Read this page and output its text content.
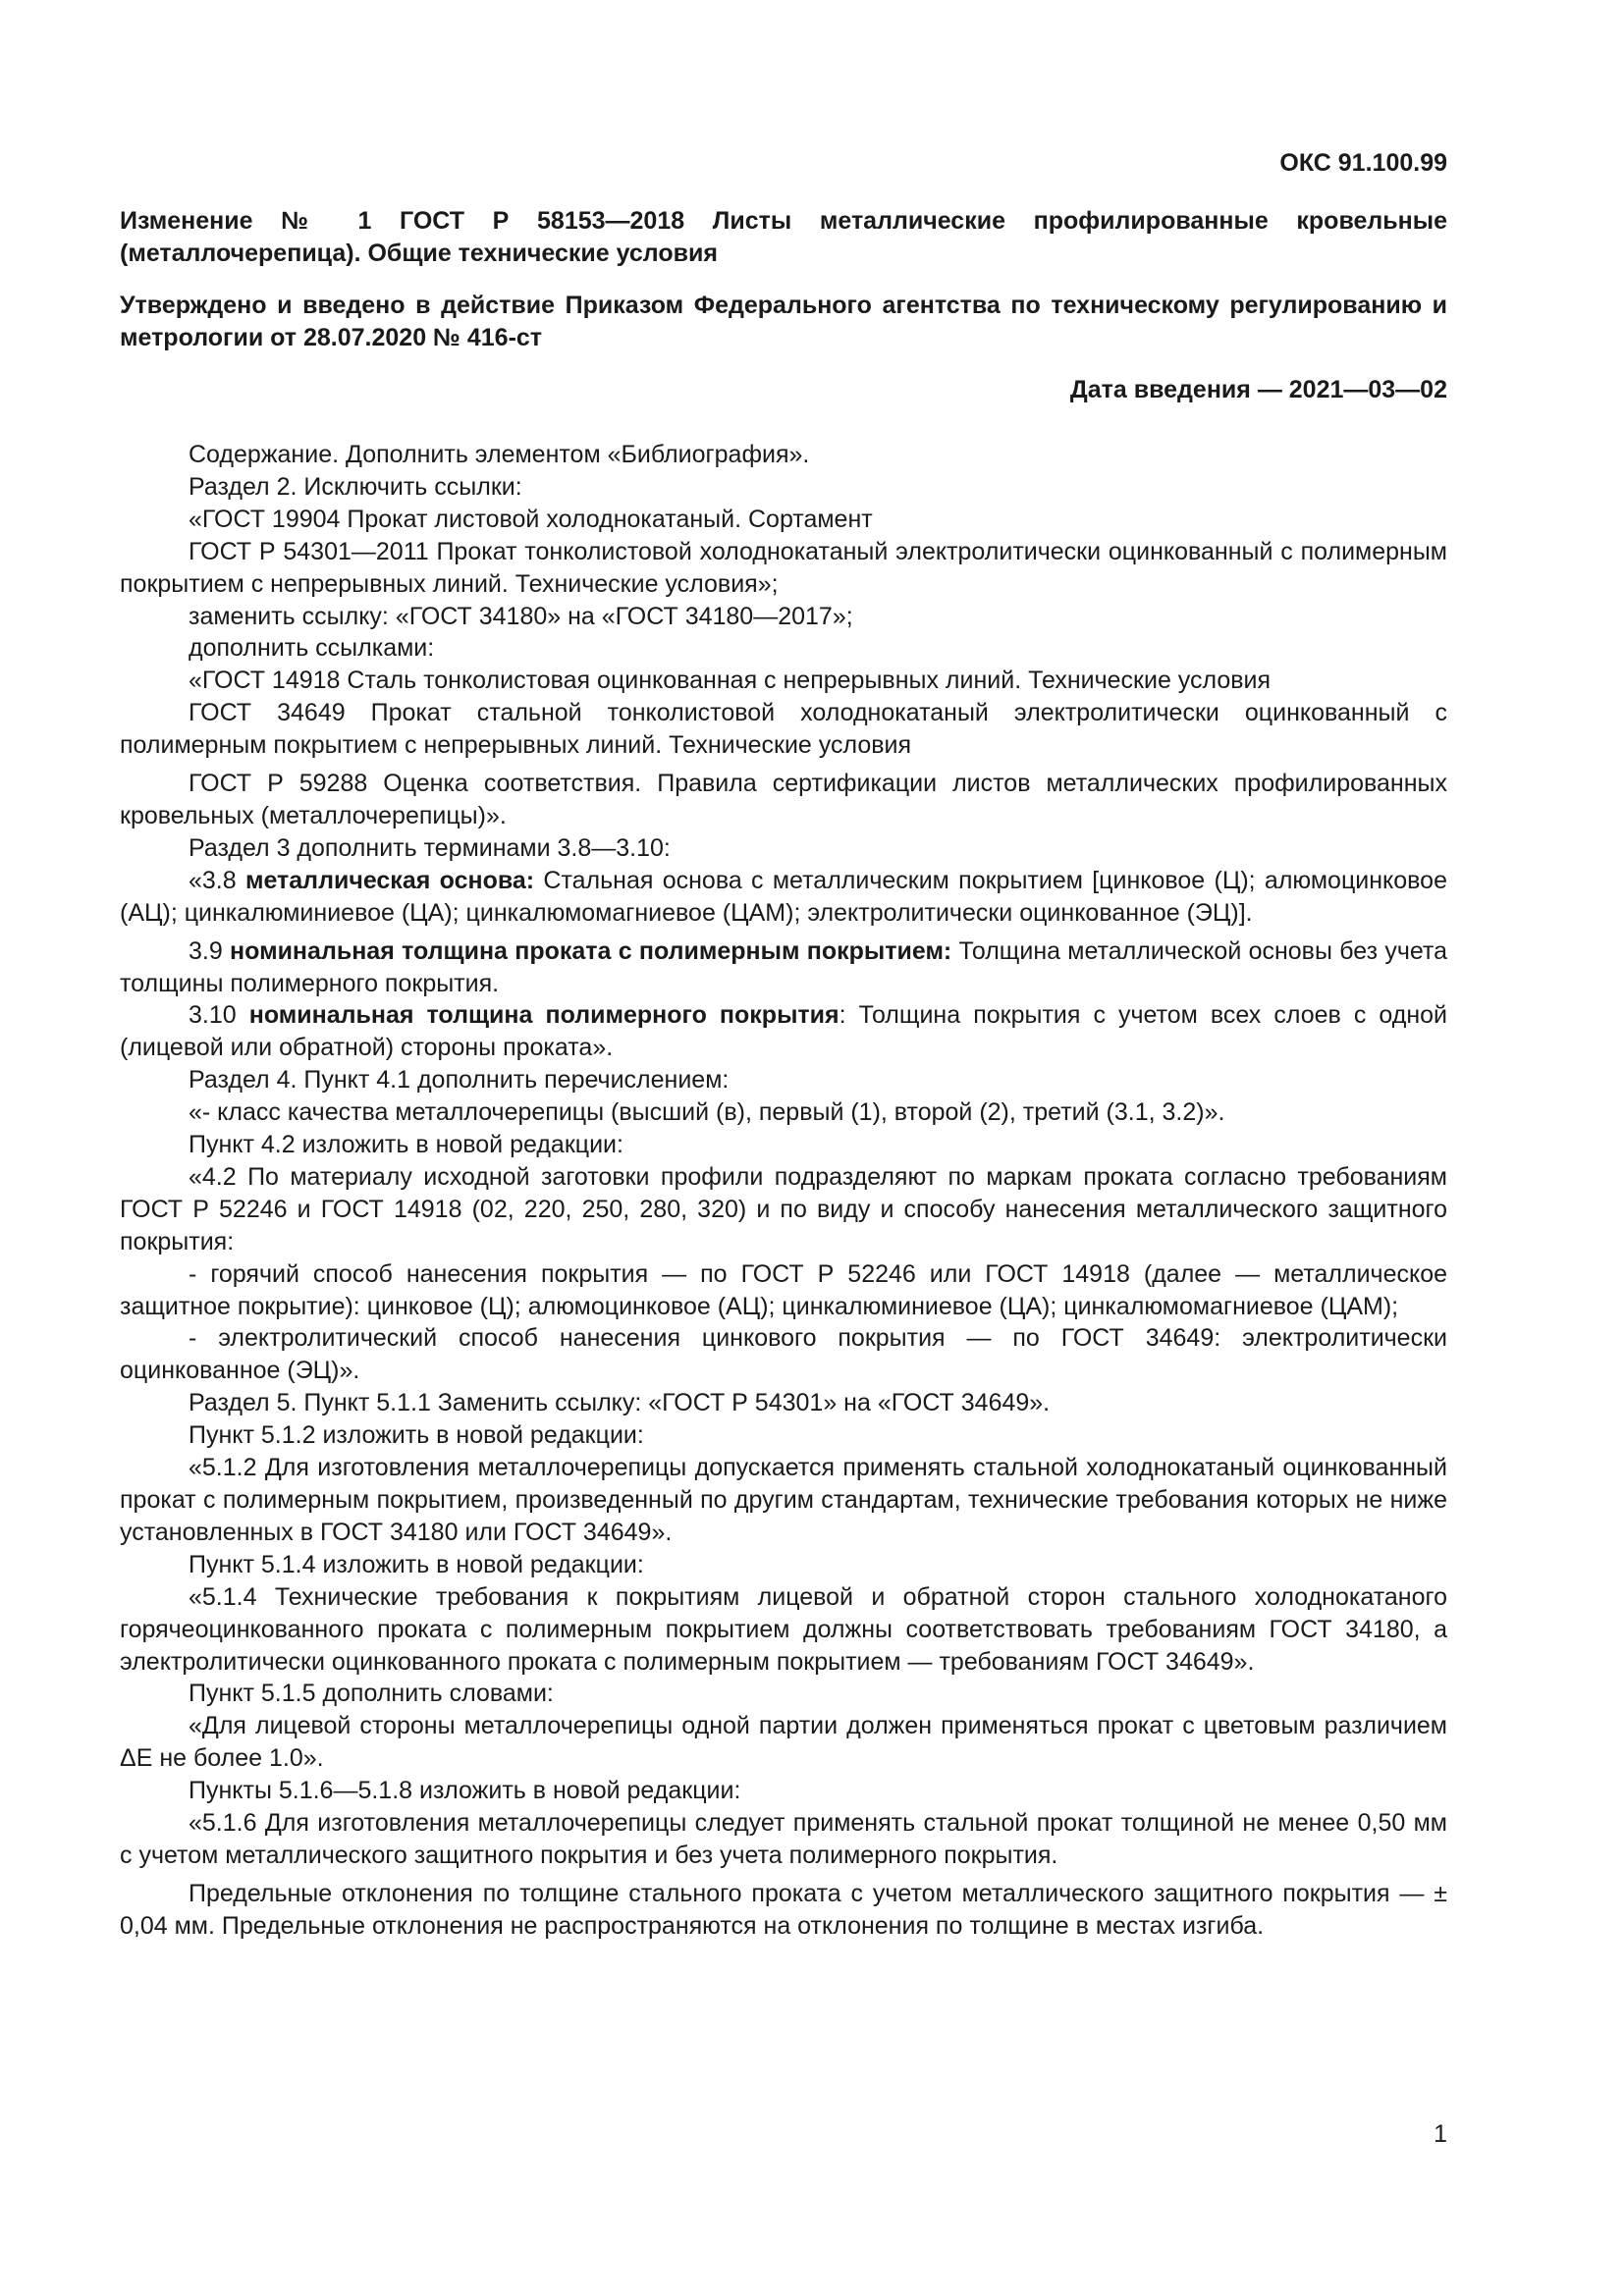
ОКС 91.100.99
Изменение № 1 ГОСТ Р 58153—2018 Листы металлические профилированные кровельные (металлочерепица). Общие технические условия
Утверждено и введено в действие Приказом Федерального агентства по техническому регулированию и метрологии от 28.07.2020 № 416-ст
Дата введения — 2021—03—02

Содержание. Дополнить элементом «Библиография».

Раздел 2. Исключить ссылки:

«ГОСТ 19904 Прокат листовой холоднокатаный. Сортамент

ГОСТ Р 54301—2011 Прокат тонколистовой холоднокатаный электролитически оцинкованный с полимерным покрытием с непрерывных линий. Технические условия»;

заменить ссылку: «ГОСТ 34180» на «ГОСТ 34180—2017»;

дополнить ссылками:

«ГОСТ 14918 Сталь тонколистовая оцинкованная с непрерывных линий. Технические условия

ГОСТ 34649 Прокат стальной тонколистовой холоднокатаный электролитически оцинкованный с полимерным покрытием с непрерывных линий. Технические условия

ГОСТ Р 59288 Оценка соответствия. Правила сертификации листов металлических профилированных кровельных (металлочерепицы)».

Раздел 3 дополнить терминами 3.8—3.10:

«3.8 металлическая основа: Стальная основа с металлическим покрытием [цинковое (Ц); алюмоцинковое (АЦ); цинкалюминиевое (ЦА); цинкалюмомагниевое (ЦАМ); электролитически оцинкованное (ЭЦ)].

3.9 номинальная толщина проката с полимерным покрытием: Толщина металлической основы без учета толщины полимерного покрытия.

3.10 номинальная толщина полимерного покрытия: Толщина покрытия с учетом всех слоев с одной (лицевой или обратной) стороны проката».

Раздел 4. Пункт 4.1 дополнить перечислением:

«- класс качества металлочерепицы (высший (в), первый (1), второй (2), третий (3.1, 3.2)».

Пункт 4.2 изложить в новой редакции:

«4.2 По материалу исходной заготовки профили подразделяют по маркам проката согласно требованиям ГОСТ Р 52246 и ГОСТ 14918 (02, 220, 250, 280, 320) и по виду и способу нанесения металлического защитного покрытия:

- горячий способ нанесения покрытия — по ГОСТ Р 52246 или ГОСТ 14918 (далее — металлическое защитное покрытие): цинковое (Ц); алюмоцинковое (АЦ); цинкалюминиевое (ЦА); цинкалюмомагниевое (ЦАМ);

- электролитический способ нанесения цинкового покрытия — по ГОСТ 34649: электролитически оцинкованное (ЭЦ)».

Раздел 5. Пункт 5.1.1 Заменить ссылку: «ГОСТ Р 54301» на «ГОСТ 34649».

Пункт 5.1.2 изложить в новой редакции:

«5.1.2 Для изготовления металлочерепицы допускается применять стальной холоднокатаный оцинкованный прокат с полимерным покрытием, произведенный по другим стандартам, технические требования которых не ниже установленных в ГОСТ 34180 или ГОСТ 34649».

Пункт 5.1.4 изложить в новой редакции:

«5.1.4 Технические требования к покрытиям лицевой и обратной сторон стального холоднокатаного горячеоцинкованного проката с полимерным покрытием должны соответствовать требованиям ГОСТ 34180, а электролитически оцинкованного проката с полимерным покрытием — требованиям ГОСТ 34649».

Пункт 5.1.5 дополнить словами:

«Для лицевой стороны металлочерепицы одной партии должен применяться прокат с цветовым различием ΔE не более 1.0».

Пункты 5.1.6—5.1.8 изложить в новой редакции:

«5.1.6 Для изготовления металлочерепицы следует применять стальной прокат толщиной не менее 0,50 мм с учетом металлического защитного покрытия и без учета полимерного покрытия.

Предельные отклонения по толщине стального проката с учетом металлического защитного покрытия — ± 0,04 мм. Предельные отклонения не распространяются на отклонения по толщине в местах изгиба.

1
